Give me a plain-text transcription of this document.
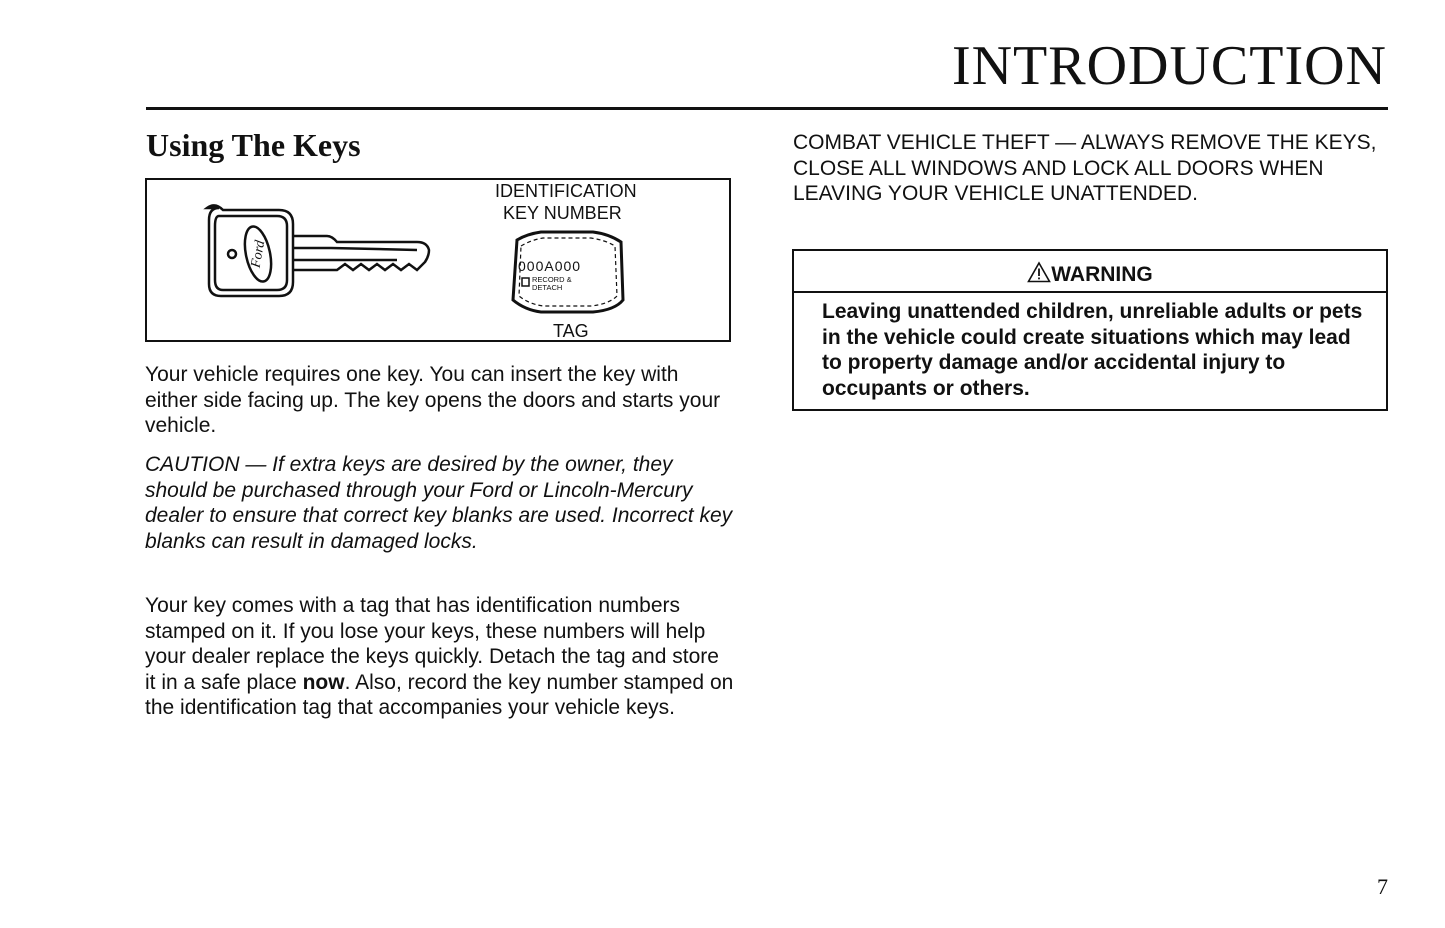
INTRODUCTION
Using The Keys
Ford
IDENTIFICATION
KEY NUMBER
000A000
RECORD &
DETACH
TAG

Your vehicle requires one key. You can insert the key with either side facing up. The key opens the doors and starts your vehicle.

CAUTION — If extra keys are desired by the owner, they should be purchased through your Ford or Lincoln-Mercury dealer to ensure that correct key blanks are used. Incorrect key blanks can result in damaged locks.

Your key comes with a tag that has identification numbers stamped on it. If you lose your keys, these numbers will help your dealer replace the keys quickly. Detach the tag and store it in a safe place now. Also, record the key number stamped on the identification tag that accompanies your vehicle keys.

COMBAT VEHICLE THEFT — ALWAYS REMOVE THE KEYS, CLOSE ALL WINDOWS AND LOCK ALL DOORS WHEN LEAVING YOUR VEHICLE UNATTENDED.
WARNING
Leaving unattended children, unreliable adults or pets in the vehicle could create situations which may lead to property damage and/or accidental injury to occupants or others.
7
